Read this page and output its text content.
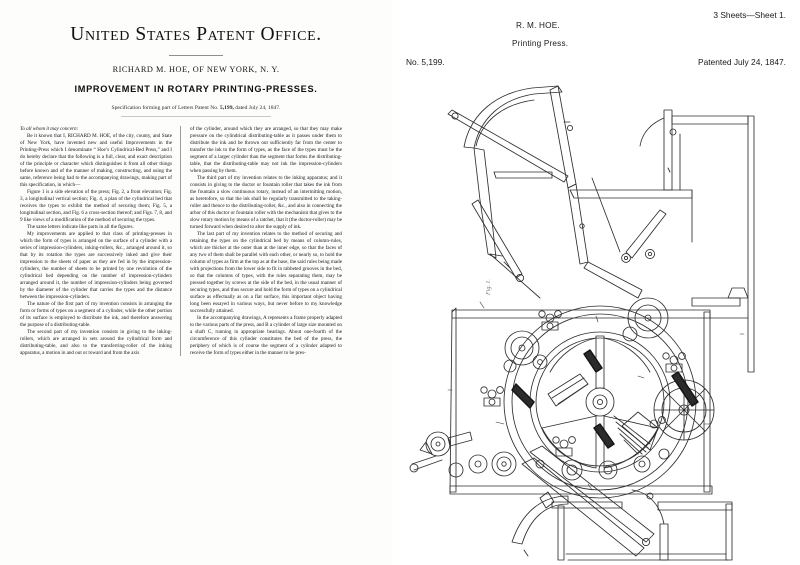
United States Patent Office.
RICHARD M. HOE, OF NEW YORK, N. Y.
IMPROVEMENT IN ROTARY PRINTING-PRESSES.
Specification forming part of Letters Patent No. 5,199, dated July 24, 1847.

To all whom it may concern:

Be it known that I, RICHARD M. HOE, of the city, county, and State of New York, have invented new and useful Improvements in the Printing-Press which I denominate “ Hoe’s Cylindrical-Bed Press,” and I do hereby declare that the following is a full, clear, and exact description of the principle or character which distinguishes it from all other things before known and of the manner of making, constructing, and using the same, reference being had to the accompanying drawings, making part of this specification, in which—

Figure 1 is a side elevation of the press; Fig. 2, a front elevation; Fig. 3, a longitudinal vertical section; Fig. 4, a plan of the cylindrical bed that receives the types to exhibit the method of securing them; Fig. 5, a longitudinal section, and Fig. 6 a cross-section thereof; and Figs. 7, 8, and 9 like views of a modification of the method of securing the types.

The same letters indicate like parts in all the figures.

My improvements are applied to that class of printing-presses in which the form of types is arranged on the surface of a cylinder with a series of impression-cylinders, inking-rollers, &c., arranged around it, so that by its rotation the types are successively inked and give their impression to the sheets of paper as they are fed in by the impression-cylinders, the number of sheets to be printed by one revolution of the cylindrical bed depending on the number of impression-cylinders arranged around it, the number of impression-cylinders being governed by the diameter of the cylinder that carries the types and the distance between the impression-cylinders.

The nature of the first part of my invention consists in arranging the form or forms of types on a segment of a cylinder, while the other portion of its surface is employed to distribute the ink, and therefore answering the purpose of a distributing-table.

The second part of my invention consists in giving to the inking-rollers, which are arranged in sets around the cylindrical form and distributing-table, and also to the transferring-roller of the inking apparatus, a motion in and out or toward and from the axis

of the cylinder, around which they are arranged, so that they may make pressure on the cylindrical distributing-table as it passes under them to distribute the ink and be thrown out sufficiently far from the center to transfer the ink to the form of types, as the face of the types must be the segment of a larger cylinder than the segment that forms the distributing-table, that the distributing-table may not ink the impression-cylinders when passing by them.

The third part of my invention relates to the inking apparatus; and it consists in giving to the ductor or fountain roller that takes the ink from the fountain a slow continuous rotary, instead of an intermitting motion, as heretofore, so that the ink shall be regularly transmitted to the taking-roller and thence to the distributing-roller, &c., and also in connecting the arbor of this ductor or fountain roller with the mechanism that gives to the slow rotary motion by means of a ratchet, that it (the ductor-roller) may be turned forward when desired to alter the supply of ink.

The last part of my invention relates to the method of securing and retaining the types on the cylindrical bed by means of column-rules, which are thicker at the outer than at the inner edge, so that the faces of any two of them shall be parallel with each other, or nearly so, to hold the column of types as firm at the top as at the base, the said rules being made with projections from the lower side to fit in rabbeted grooves in the bed, so that the columns of types, with the rules separating them, may be pressed together by screws at the side of the bed, in the usual manner of securing types, and thus secure and hold the form of types on a cylindrical surface as effectually as on a flat surface, this important object having long been essayed in various ways, but never before to my knowledge successfully attained.

In the accompanying drawings, A represents a frame properly adapted to the various parts of the press, and B a cylinder of large size mounted on a shaft C, running in appropriate bearings. About one-fourth of the circumference of this cylinder constitutes the bed of the press, the periphery of which is of course the segment of a cylinder adapted to receive the form of types either in the manner to be pres-

3 Sheets—Sheet 1.
R. M. HOE.
Printing Press.
No. 5,199.	Patented July 24, 1847.
Fig. 1.
